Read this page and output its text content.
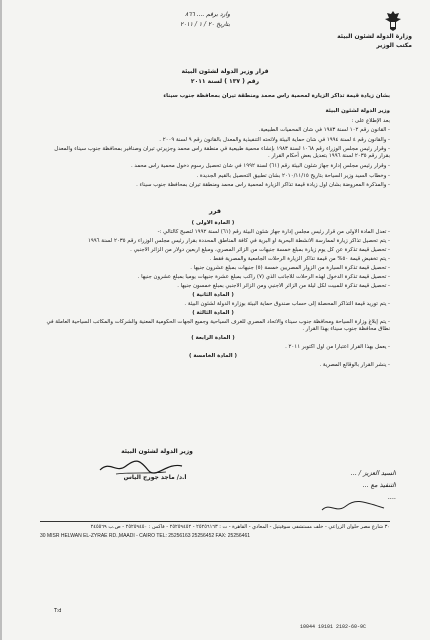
وارد برقم .... ٨٦٦
بتاريخ ٢٠ / ١ / ٢٠١١
وزارة الدولة لشئون البيئة
مكتب الوزير
قرار وزير الدولة لشئون البيئة
رقم ( ١٣٧ ) لسنة ٢٠١١
بشأن زيادة قيمة تذاكر الزيارة لمحمية رأس محمد ومنطقة تيران بمحافظة جنوب سيناء
وزير الدولة لشئون البيئة
بعد الإطلاع على :
- القانون رقم ١٠٢ لسنة ١٩٨٣ في شأن المحميات الطبيعية.
- والقانون رقم ٤ لسنة ١٩٩٤ في شأن حماية البيئة ولائحته التنفيذية والمعدل بالقانون رقم ٩ لسنة ٢٠٠٩ .
- وقرار رئيس مجلس الوزراء رقم ١٠٦٨ لسنة ١٩٨٣ بإنشاء محمية طبيعية في منطقة رأس محمد وجزيرتي تيران وصنافير بمحافظة جنوب سيناء والمعدل بقرار رقم ٢٠٣٥ لسنة ١٩٩٦ بتعديل بعض أحكام القرار .
- وقرار رئيس مجلس إدارة جهاز شئون البيئة رقم (٦١) لسنة ١٩٩٢ في شأن تحصيل رسوم دخول محمية رأس محمد .
- وخطاب السيد وزير السياحة بتاريخ ٢٠١٠/١١/١٥ بشأن تطبيق التحصيل بالقيم الجديدة .
- والمذكرة المعروضة بشأن أول زيادة قيمة تذاكر الزيارة لمحمية رأس محمد ومنطقة تيران بمحافظة جنوب سيناء .
قرر
( المادة الأولى )
- تعدل المادة الأولى من قرار رئيس مجلس إدارة جهاز شئون البيئة رقم (٦١) لسنة ١٩٩٢ لتصبح كالتالي :-
- يتم تحصيل تذاكر زيارة لممارسة الأنشطة البحرية أو البرية في كافة المناطق المحددة بقرار رئيس مجلس الوزراء رقم ٢٠٣٥ لسنة ١٩٩٦
- تحصيل قيمة تذكرة عن كل يوم زيارة بمبلغ خمسة جنيهات من الزائر المصري، ومبلغ أربعين دولار من الزائر الأجنبي .
- يتم تخفيض قيمة ٥٠% من قيمة تذاكر الزيارة الرحلات الجامعية والمصرية فقط .
- تحصيل قيمة تذكرة السيارة من الزوار المصريين خمسة (٥) جنيهات بمبلغ عشرون جنيها .
- تحصيل قيمة تذكرة الدخول لهذه الرحلات للأجانب الذي (٧) راكب بمبلغ عشرة جنيهات يوميا بمبلغ عشرون جنيها .
- تحصيل قيمة تذكرة للمبيت لكل ليلة من الزائر الأجنبي ومن الزائر الأجنبي بمبلغ خمسون جنيها .
( المادة الثانية )
- يتم توريد قيمة التذاكر المحصلة إلى حساب صندوق حماية البيئة بوزارة الدولة لشئون البيئة .
( المادة الثالثة )
- يتم إبلاغ وزارة السياحة ومحافظة جنوب سيناء والاتحاد المصري للغرف السياحية وجميع الجهات الحكومية المعنية والشركات والمكاتب السياحية العاملة في نطاق محافظة جنوب سيناء بهذا القرار .
( المادة الرابعة )
- يعمل بهذا القرار اعتباراً من أول أكتوبر ٢٠١١ .
( المادة الخامسة )
- ينشر القرار بالوقائع المصرية .
وزير الدولة لشئون البيئة
أ.د/ ماجد جورج الياس
السيد العزيز / ...
التنفيذ مع ...
....
٣٠ شارع مصر حلوان الزراعي - خلف مستشفى سوفيتيل - المعادي - القاهرة - ت : ٢٥٢٥٦١٦٣ - ٢٥٢٥٩٤٥٢ - فاكس : ٢٥٢٥٩٤٥٠ - ص.ب ٢٤٥٥٦٩
30 MISR HELWAN EL-ZYRAE RD.,MAADI - CAIRO TEL: 25256163 25256452 FAX: 25256461
T:d
10044 19101 2102-60-9C
